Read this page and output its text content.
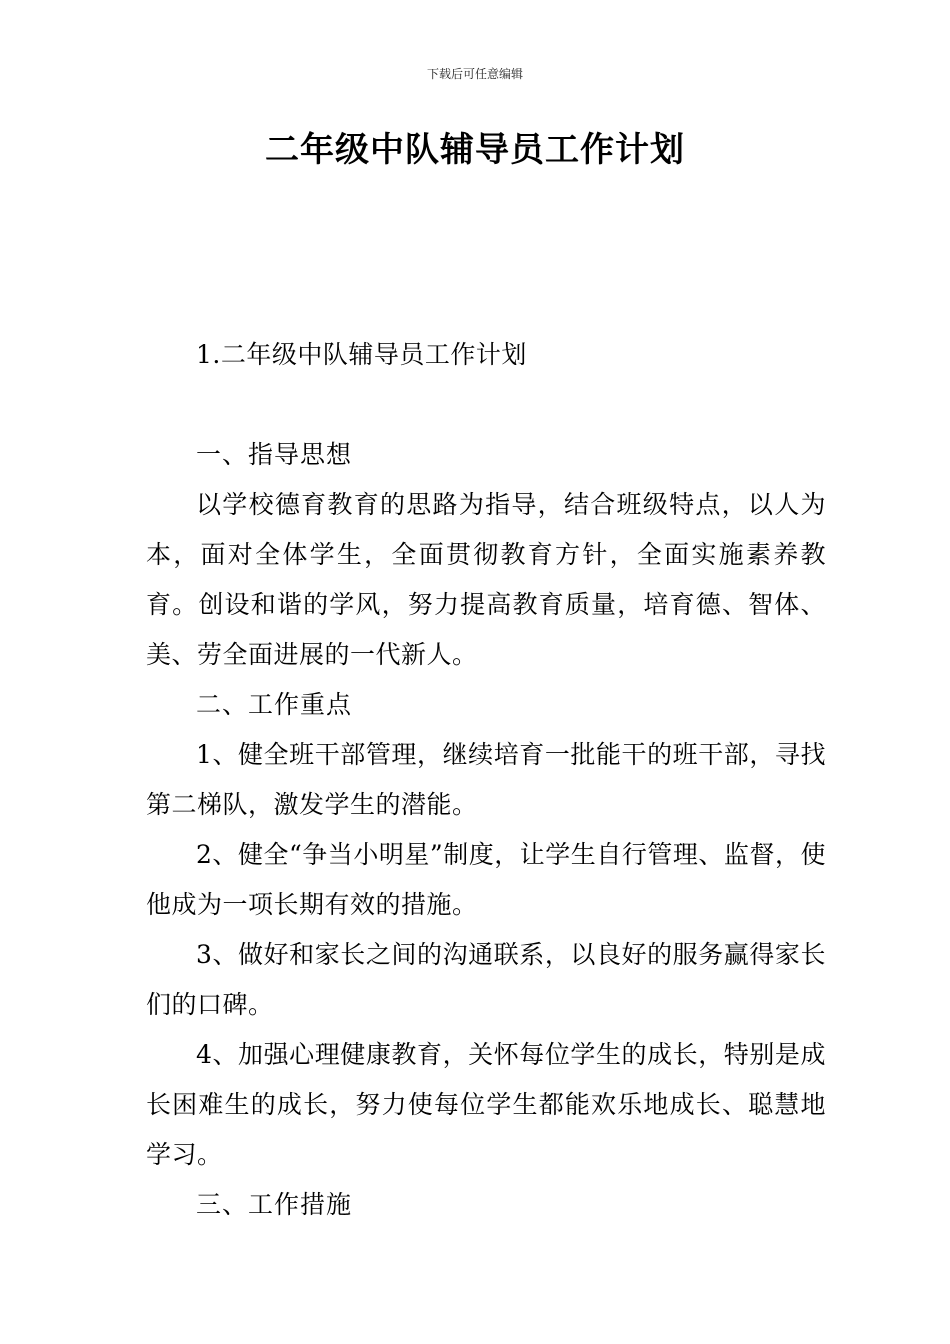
下载后可任意编辑
二年级中队辅导员工作计划

1.二年级中队辅导员工作计划

一、指导思想

以学校德育教育的思路为指导，结合班级特点，以人为本，面对全体学生，全面贯彻教育方针，全面实施素养教育。创设和谐的学风，努力提高教育质量，培育德、智体、美、劳全面进展的一代新人。

二、工作重点

1、健全班干部管理，继续培育一批能干的班干部，寻找第二梯队，激发学生的潜能。

2、健全“争当小明星”制度，让学生自行管理、监督，使他成为一项长期有效的措施。

3、做好和家长之间的沟通联系，以良好的服务赢得家长们的口碑。

4、加强心理健康教育，关怀每位学生的成长，特别是成长困难生的成长，努力使每位学生都能欢乐地成长、聪慧地学习。

三、工作措施
